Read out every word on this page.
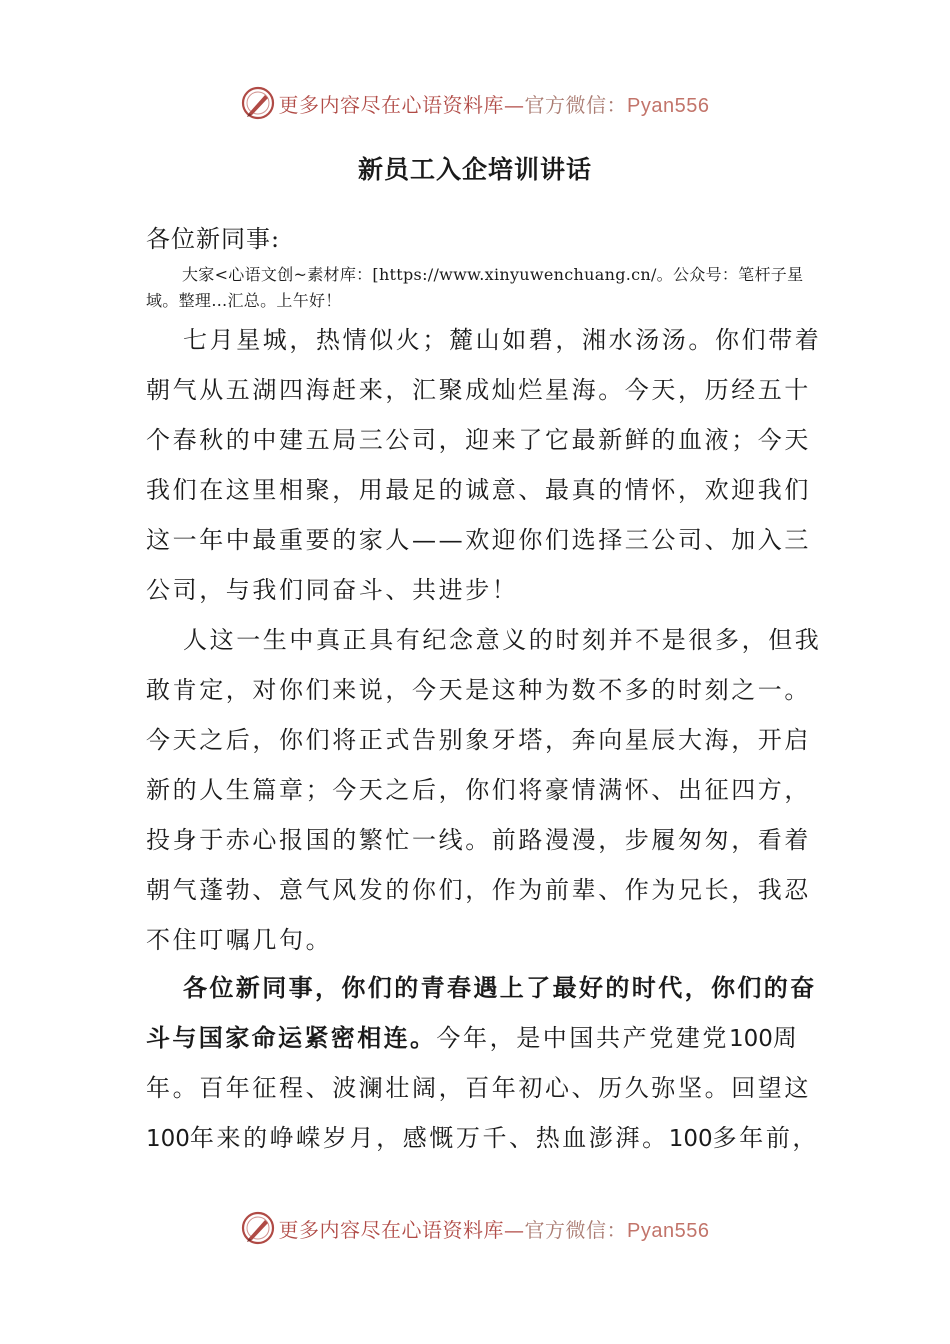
更多内容尽在心语资料库—官方微信：Pyan556
新员工入企培训讲话
各位新同事:
大家<心语文创~素材库：[https://www.xinyuwenchuang.cn/。公众号：笔杆子星域。整理…汇总。上午好！
七月星城，热情似火；麓山如碧，湘水汤汤。你们带着
朝气从五湖四海赶来，汇聚成灿烂星海。今天，历经五十
个春秋的中建五局三公司，迎来了它最新鲜的血液；今天
我们在这里相聚，用最足的诚意、最真的情怀，欢迎我们
这一年中最重要的家人——欢迎你们选择三公司、加入三
公司，与我们同奋斗、共进步！
人这一生中真正具有纪念意义的时刻并不是很多，但我
敢肯定，对你们来说，今天是这种为数不多的时刻之一。
今天之后，你们将正式告别象牙塔，奔向星辰大海，开启
新的人生篇章；今天之后，你们将豪情满怀、出征四方，
投身于赤心报国的繁忙一线。前路漫漫，步履匆匆，看着
朝气蓬勃、意气风发的你们，作为前辈、作为兄长，我忍
不住叮嘱几句。
各位新同事，你们的青春遇上了最好的时代，你们的奋
斗与国家命运紧密相连。今年，是中国共产党建党100周
年。百年征程、波澜壮阔，百年初心、历久弥坚。回望这
100年来的峥嵘岁月，感慨万千、热血澎湃。100多年前，
更多内容尽在心语资料库—官方微信：Pyan556
